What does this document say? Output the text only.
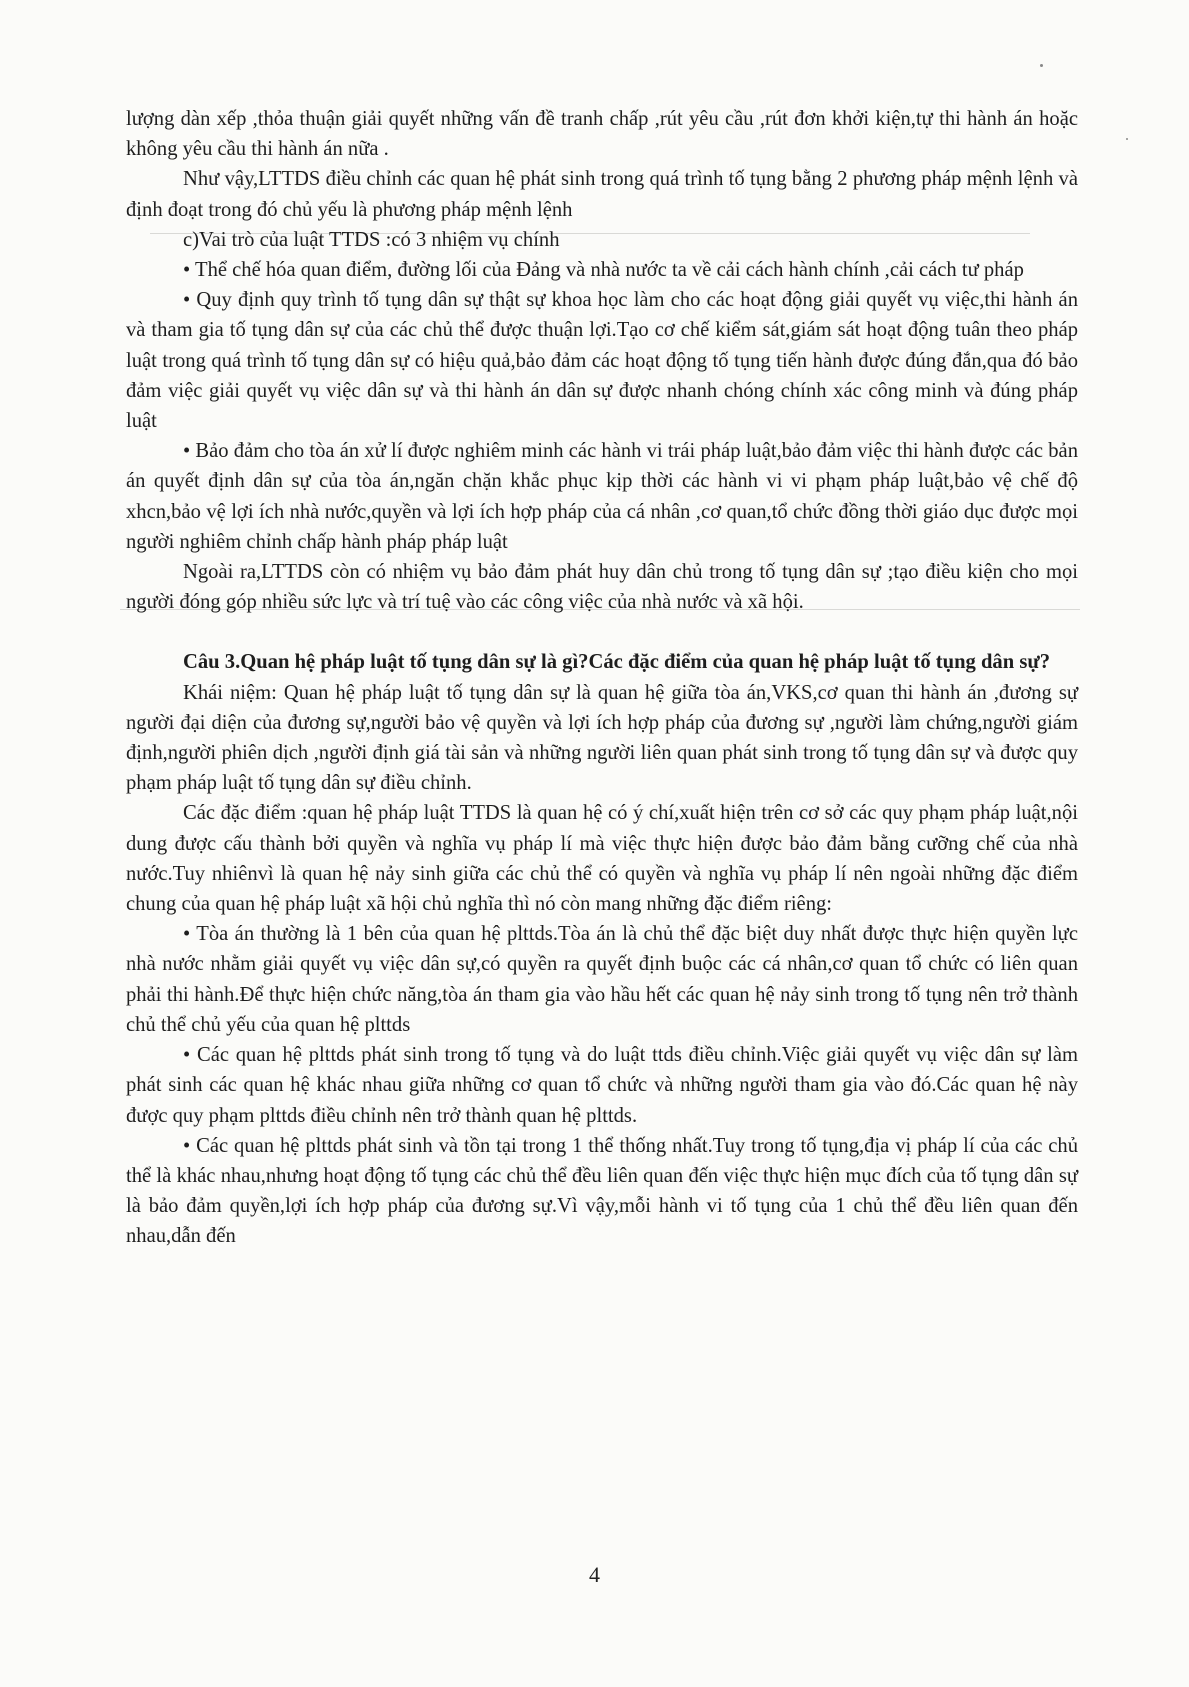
lượng dàn xếp ,thỏa thuận giải quyết những vấn đề tranh chấp ,rút yêu cầu ,rút đơn khởi kiện,tự thi hành án hoặc không yêu cầu thi hành án nữa .

Như vậy,LTTDS điều chỉnh các quan hệ phát sinh trong quá trình tố tụng bằng 2 phương pháp mệnh lệnh và định đoạt trong đó chủ yếu là phương pháp mệnh lệnh

c)Vai trò của luật TTDS :có 3 nhiệm vụ chính

• Thể chế hóa quan điểm, đường lối của Đảng và nhà nước ta về cải cách hành chính ,cải cách tư pháp

• Quy định quy trình tố tụng dân sự thật sự khoa học làm cho các hoạt động giải quyết vụ việc,thi hành án và tham gia tố tụng dân sự của các chủ thể được thuận lợi.Tạo cơ chế kiểm sát,giám sát hoạt động tuân theo pháp luật trong quá trình tố tụng dân sự có hiệu quả,bảo đảm các hoạt động tố tụng tiến hành được đúng đắn,qua đó bảo đảm việc giải quyết vụ việc dân sự và thi hành án dân sự được nhanh chóng chính xác công minh và đúng pháp luật

• Bảo đảm cho tòa án xử lí được nghiêm minh các hành vi trái pháp luật,bảo đảm việc thi hành được các bản án quyết định dân sự của tòa án,ngăn chặn khắc phục kịp thời các hành vi vi phạm pháp luật,bảo vệ chế độ xhcn,bảo vệ lợi ích nhà nước,quyền và lợi ích hợp pháp của cá nhân ,cơ quan,tổ chức đồng thời giáo dục được mọi người nghiêm chỉnh chấp hành pháp pháp luật

Ngoài ra,LTTDS còn có nhiệm vụ bảo đảm phát huy dân chủ trong tố tụng dân sự ;tạo điều kiện cho mọi người đóng góp nhiều sức lực và trí tuệ vào các công việc của nhà nước và xã hội.

Câu 3.Quan hệ pháp luật tố tụng dân sự là gì?Các đặc điểm của quan hệ pháp luật tố tụng dân sự?

Khái niệm: Quan hệ pháp luật tố tụng dân sự là quan hệ giữa tòa án,VKS,cơ quan thi hành án ,đương sự người đại diện của đương sự,người bảo vệ quyền và lợi ích hợp pháp của đương sự ,người làm chứng,người giám định,người phiên dịch ,người định giá tài sản và những người liên quan phát sinh trong tố tụng dân sự và được quy phạm pháp luật tố tụng dân sự điều chỉnh.

Các đặc điểm :quan hệ pháp luật TTDS là quan hệ có ý chí,xuất hiện trên cơ sở các quy phạm pháp luật,nội dung được cấu thành bởi quyền và nghĩa vụ pháp lí mà việc thực hiện được bảo đảm bằng cưỡng chế của nhà nước.Tuy nhiênvì là quan hệ nảy sinh giữa các chủ thể có quyền và nghĩa vụ pháp lí nên ngoài những đặc điểm chung của quan hệ pháp luật xã hội chủ nghĩa thì nó còn mang những đặc điểm riêng:

• Tòa án thường là 1 bên của quan hệ plttds.Tòa án là chủ thể đặc biệt duy nhất được thực hiện quyền lực nhà nước nhằm giải quyết vụ việc dân sự,có quyền ra quyết định buộc các cá nhân,cơ quan tổ chức có liên quan phải thi hành.Để thực hiện chức năng,tòa án tham gia vào hầu hết các quan hệ nảy sinh trong tố tụng nên trở thành chủ thể chủ yếu của quan hệ plttds

• Các quan hệ plttds phát sinh trong tố tụng và do luật ttds điều chỉnh.Việc giải quyết vụ việc dân sự làm phát sinh các quan hệ khác nhau giữa những cơ quan tổ chức và những người tham gia vào đó.Các quan hệ này được quy phạm plttds điều chỉnh nên trở thành quan hệ plttds.

• Các quan hệ plttds phát sinh và tồn tại trong 1 thể thống nhất.Tuy trong tố tụng,địa vị pháp lí của các chủ thể là khác nhau,nhưng hoạt động tố tụng các chủ thể đều liên quan đến việc thực hiện mục đích của tố tụng dân sự là bảo đảm quyền,lợi ích hợp pháp của đương sự.Vì vậy,mỗi hành vi tố tụng của 1 chủ thể đều liên quan đến nhau,dẫn đến

4
